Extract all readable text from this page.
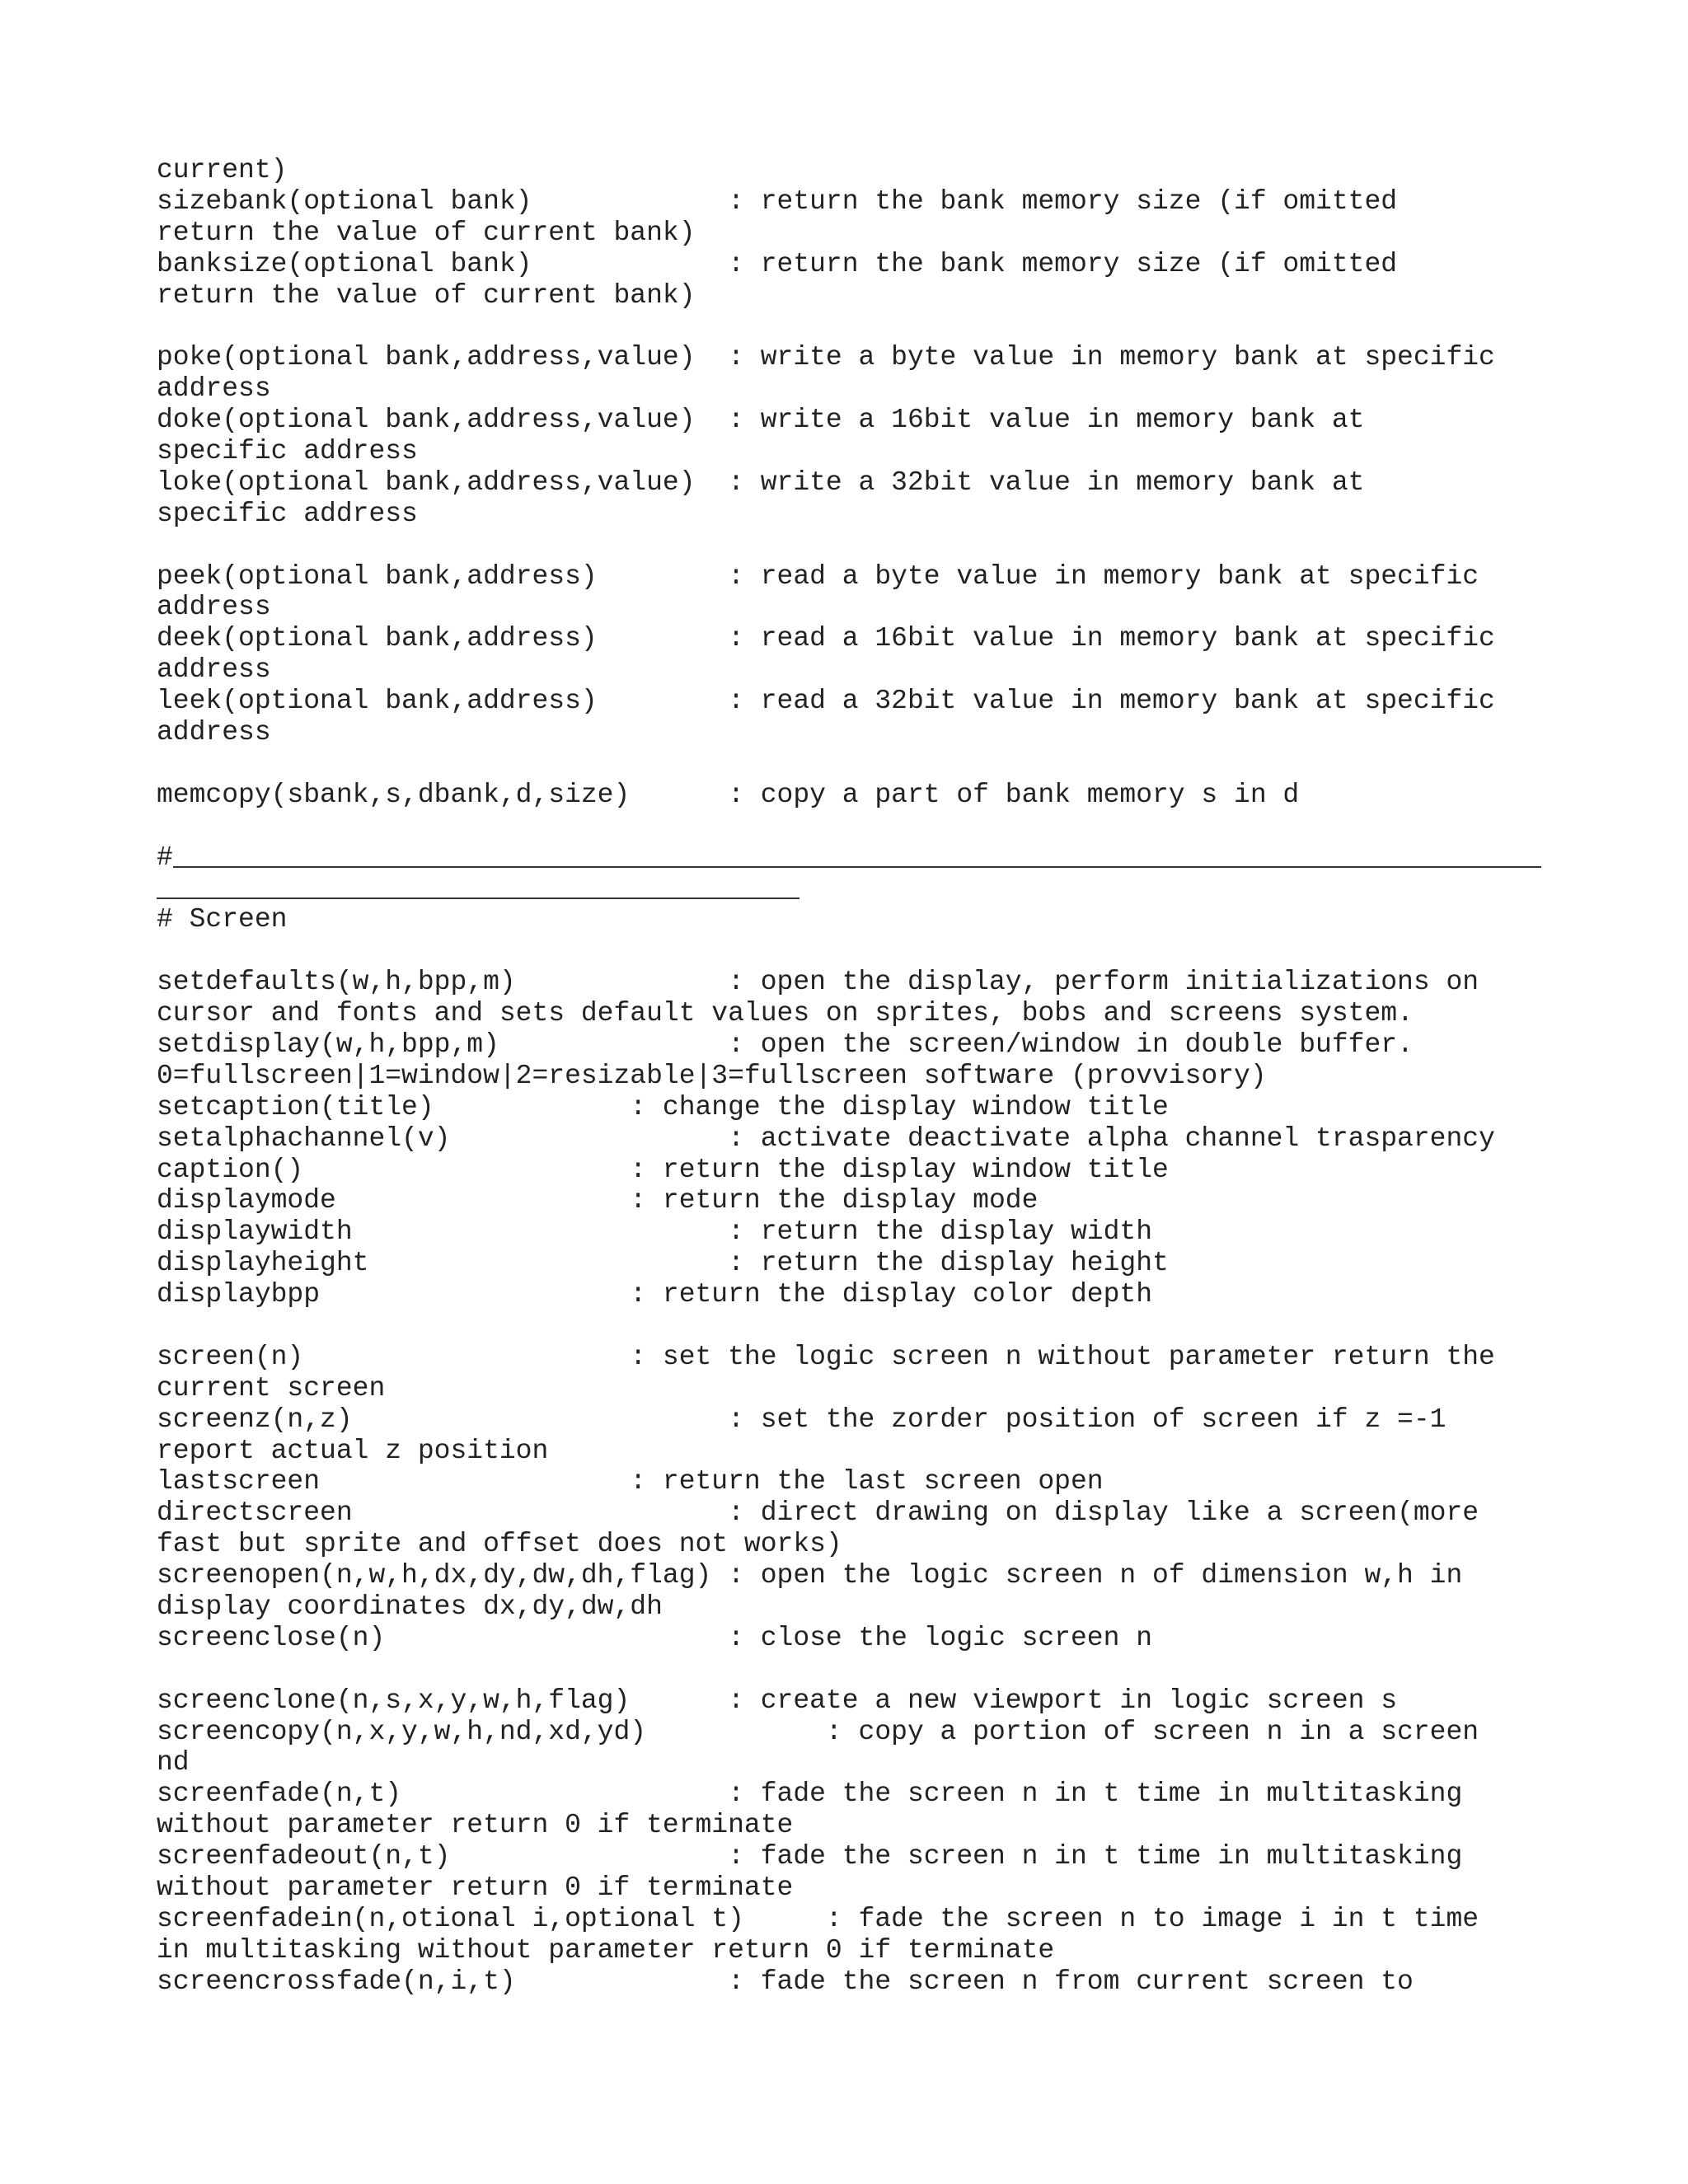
current)
sizebank(optional bank)            : return the bank memory size (if omitted
return the value of current bank)
banksize(optional bank)            : return the bank memory size (if omitted
return the value of current bank)
poke(optional bank,address,value)  : write a byte value in memory bank at specific
address
doke(optional bank,address,value)  : write a 16bit value in memory bank at
specific address
loke(optional bank,address,value)  : write a 32bit value in memory bank at
specific address
peek(optional bank,address)        : read a byte value in memory bank at specific
address
deek(optional bank,address)        : read a 16bit value in memory bank at specific
address
leek(optional bank,address)        : read a 32bit value in memory bank at specific
address
memcopy(sbank,s,dbank,d,size)      : copy a part of bank memory s in d
#
# Screen
setdefaults(w,h,bpp,m)             : open the display, perform initializations on
cursor and fonts and sets default values on sprites, bobs and screens system.
setdisplay(w,h,bpp,m)              : open the screen/window in double buffer.
0=fullscreen|1=window|2=resizable|3=fullscreen software (provvisory)
setcaption(title)            : change the display window title
setalphachannel(v)                 : activate deactivate alpha channel trasparency
caption()                    : return the display window title
displaymode                  : return the display mode
displaywidth                       : return the display width
displayheight                      : return the display height
displaybpp                   : return the display color depth
screen(n)                    : set the logic screen n without parameter return the
current screen
screenz(n,z)                       : set the zorder position of screen if z =-1
report actual z position
lastscreen                   : return the last screen open
directscreen                       : direct drawing on display like a screen(more
fast but sprite and offset does not works)
screenopen(n,w,h,dx,dy,dw,dh,flag) : open the logic screen n of dimension w,h in
display coordinates dx,dy,dw,dh
screenclose(n)                     : close the logic screen n
screenclone(n,s,x,y,w,h,flag)      : create a new viewport in logic screen s
screencopy(n,x,y,w,h,nd,xd,yd)           : copy a portion of screen n in a screen
nd
screenfade(n,t)                    : fade the screen n in t time in multitasking
without parameter return 0 if terminate
screenfadeout(n,t)                 : fade the screen n in t time in multitasking
without parameter return 0 if terminate
screenfadein(n,otional i,optional t)     : fade the screen n to image i in t time
in multitasking without parameter return 0 if terminate
screencrossfade(n,i,t)             : fade the screen n from current screen to
